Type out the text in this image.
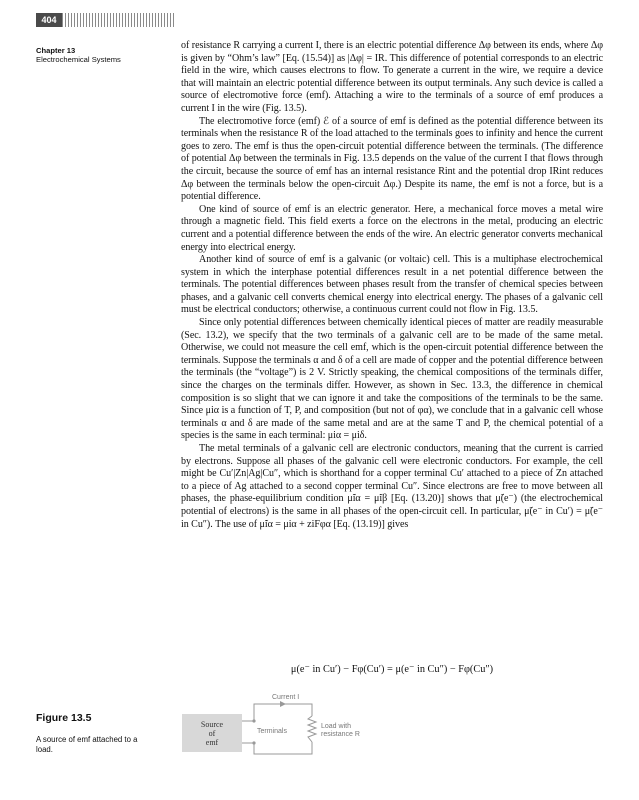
404
Chapter 13
Electrochemical Systems

of resistance R carrying a current I, there is an electric potential difference Δφ between its ends, where Δφ is given by “Ohm’s law” [Eq. (15.54)] as |Δφ| = IR. This difference of potential corresponds to an electric field in the wire, which causes electrons to flow. To generate a current in the wire, we require a device that will maintain an electric potential difference between its output terminals. Any such device is called a source of electromotive force (emf). Attaching a wire to the terminals of a source of emf produces a current I in the wire (Fig. 13.5).

The electromotive force (emf) ℰ of a source of emf is defined as the potential difference between its terminals when the resistance R of the load attached to the terminals goes to infinity and hence the current goes to zero. The emf is thus the open-circuit potential difference between the terminals. (The difference of potential Δφ between the terminals in Fig. 13.5 depends on the value of the current I that flows through the circuit, because the source of emf has an internal resistance Rint and the potential drop IRint reduces Δφ between the terminals below the open-circuit Δφ.) Despite its name, the emf is not a force, but is a potential difference.

One kind of source of emf is an electric generator. Here, a mechanical force moves a metal wire through a magnetic field. This field exerts a force on the electrons in the metal, producing an electric current and a potential difference between the ends of the wire. An electric generator converts mechanical energy into electrical energy.

Another kind of source of emf is a galvanic (or voltaic) cell. This is a multiphase electrochemical system in which the interphase potential differences result in a net potential difference between the terminals. The potential differences between phases result from the transfer of chemical species between phases, and a galvanic cell converts chemical energy into electrical energy. The phases of a galvanic cell must be electrical conductors; otherwise, a continuous current could not flow in Fig. 13.5.

Since only potential differences between chemically identical pieces of matter are readily measurable (Sec. 13.2), we specify that the two terminals of a galvanic cell are to be made of the same metal. Otherwise, we could not measure the cell emf, which is the open-circuit potential difference between the terminals. Suppose the terminals α and δ of a cell are made of copper and the potential difference between the terminals (the “voltage”) is 2 V. Strictly speaking, the chemical compositions of the terminals differ, since the charges on the terminals differ. However, as shown in Sec. 13.3, the difference in chemical composition is so slight that we can ignore it and take the compositions of the terminals to be the same. Since μiα is a function of T, P, and composition (but not of φα), we conclude that in a galvanic cell whose terminals α and δ are made of the same metal and are at the same T and P, the chemical potential of a species is the same in each terminal: μiα = μiδ.

The metal terminals of a galvanic cell are electronic conductors, meaning that the current is carried by electrons. Suppose all phases of the galvanic cell were electronic conductors. For example, the cell might be Cu′|Zn|Ag|Cu″, which is shorthand for a copper terminal Cu′ attached to a piece of Zn attached to a piece of Ag attached to a second copper terminal Cu″. Since electrons are free to move between all phases, the phase-equilibrium condition μ̃iα = μ̃iβ [Eq. (13.20)] shows that μ̃(e⁻) (the electrochemical potential of electrons) is the same in all phases of the open-circuit cell. In particular, μ̃(e⁻ in Cu′) = μ̃(e⁻ in Cu″). The use of μ̃iα = μiα + ziFφα [Eq. (13.19)] gives

μ(e⁻ in Cu′) − Fφ(Cu′) = μ(e⁻ in Cu″) − Fφ(Cu″)
Figure 13.5
A source of emf attached to a load.
Source
of
emf
Current I
Terminals
Load with
resistance R
